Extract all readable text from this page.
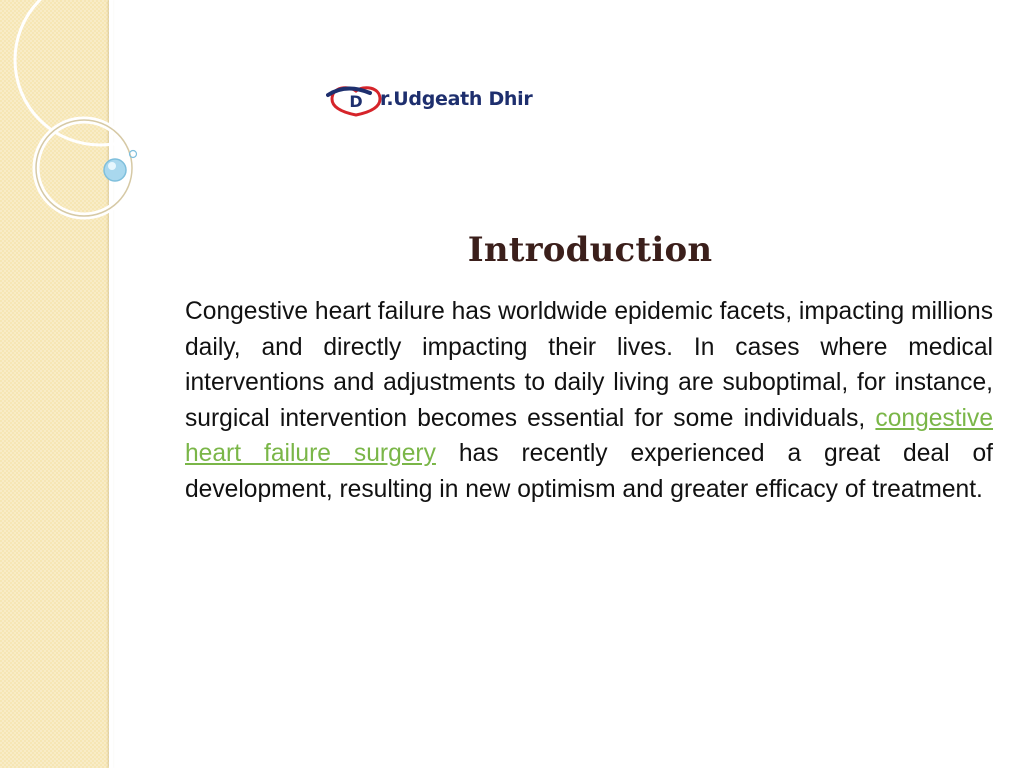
D r.Udgeath Dhir
Introduction

Congestive heart failure has worldwide epidemic facets, impacting millions daily, and directly impacting their lives. In cases where medical interventions and adjustments to daily living are suboptimal, for instance, surgical intervention becomes essential for some individuals, congestive heart failure surgery has recently experienced a great deal of development, resulting in new optimism and greater efficacy of treatment.
